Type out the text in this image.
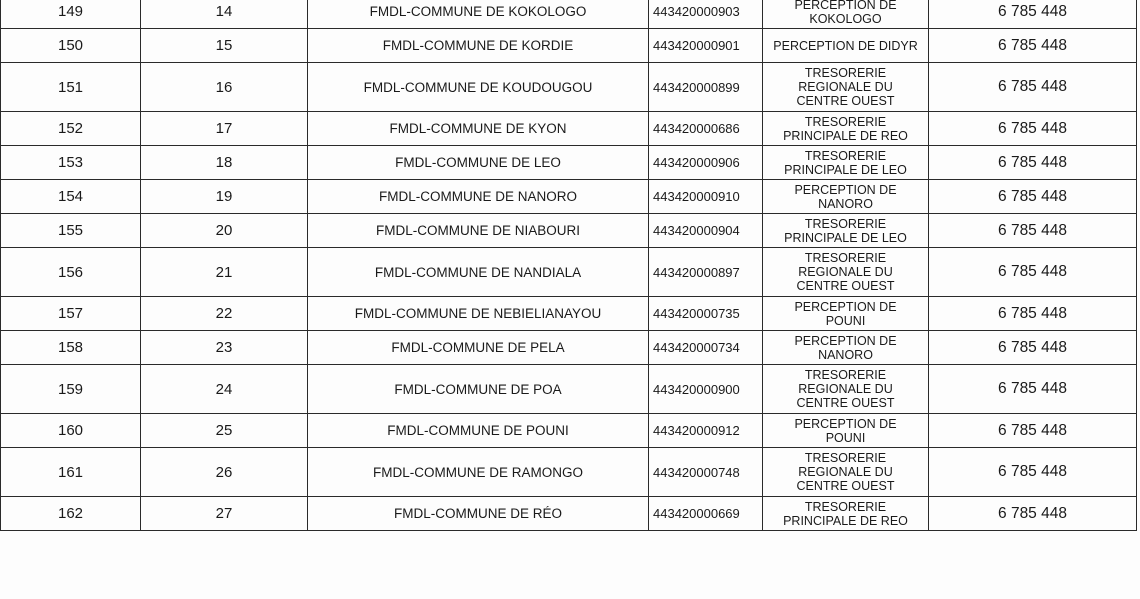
149	14	FMDL-COMMUNE DE KOKOLOGO	443420000903	PERCEPTION DE
KOKOLOGO	6 785 448
150	15	FMDL-COMMUNE DE KORDIE	443420000901	PERCEPTION DE DIDYR	6 785 448
151	16	FMDL-COMMUNE DE KOUDOUGOU	443420000899	TRESORERIE
REGIONALE DU
CENTRE OUEST	6 785 448
152	17	FMDL-COMMUNE DE KYON	443420000686	TRESORERIE
PRINCIPALE DE REO	6 785 448
153	18	FMDL-COMMUNE DE LEO	443420000906	TRESORERIE
PRINCIPALE DE LEO	6 785 448
154	19	FMDL-COMMUNE DE NANORO	443420000910	PERCEPTION DE
NANORO	6 785 448
155	20	FMDL-COMMUNE DE NIABOURI	443420000904	TRESORERIE
PRINCIPALE DE LEO	6 785 448
156	21	FMDL-COMMUNE DE NANDIALA	443420000897	TRESORERIE
REGIONALE DU
CENTRE OUEST	6 785 448
157	22	FMDL-COMMUNE DE NEBIELIANAYOU	443420000735	PERCEPTION DE
POUNI	6 785 448
158	23	FMDL-COMMUNE DE PELA	443420000734	PERCEPTION DE
NANORO	6 785 448
159	24	FMDL-COMMUNE DE POA	443420000900	TRESORERIE
REGIONALE DU
CENTRE OUEST	6 785 448
160	25	FMDL-COMMUNE DE POUNI	443420000912	PERCEPTION DE
POUNI	6 785 448
161	26	FMDL-COMMUNE DE RAMONGO	443420000748	TRESORERIE
REGIONALE DU
CENTRE OUEST	6 785 448
162	27	FMDL-COMMUNE DE RÉO	443420000669	TRESORERIE
PRINCIPALE DE REO	6 785 448
